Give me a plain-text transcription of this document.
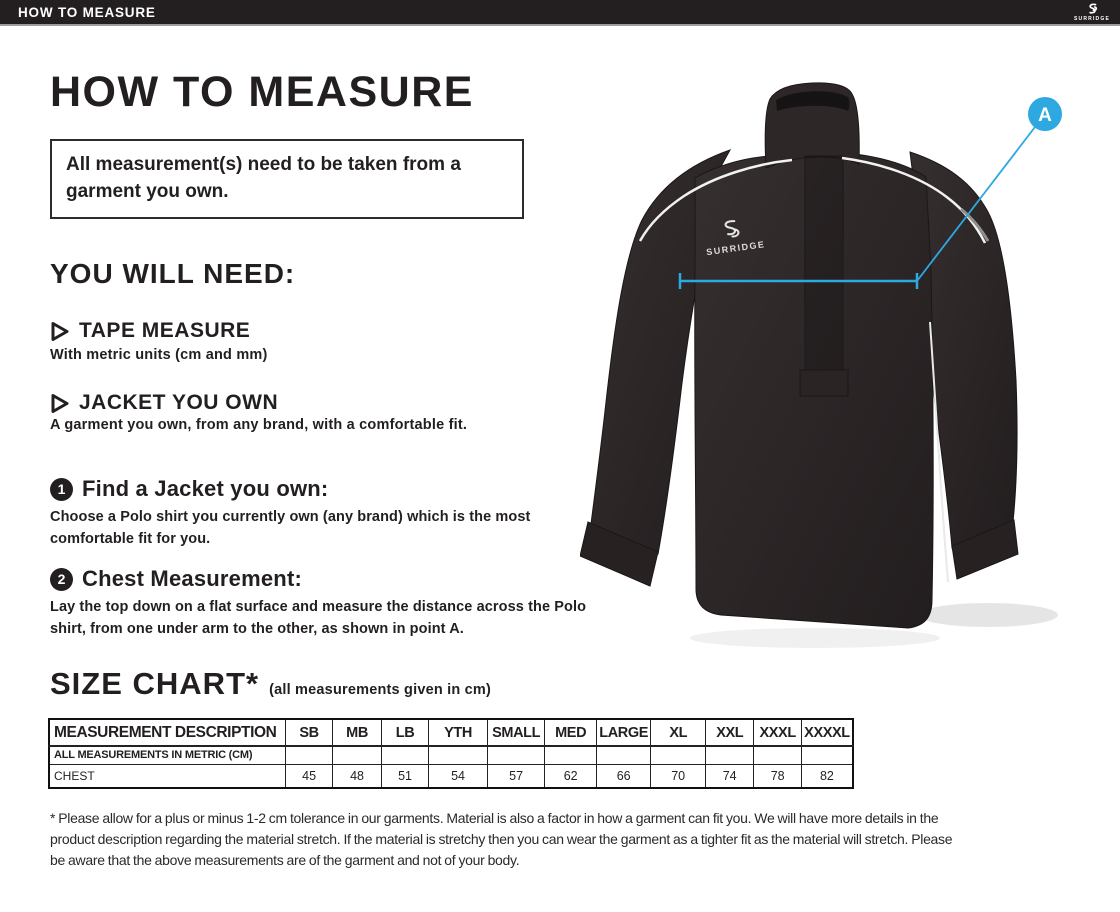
HOW TO MEASURE	SURRIDGE
HOW TO MEASURE
All measurement(s) need to be taken from a garment you own.
YOU WILL NEED:
TAPE MEASURE
With metric units (cm and mm)
JACKET YOU OWN
A garment you own, from any brand, with a comfortable fit.
1 Find a Jacket you own:
Choose a Polo shirt you currently own (any brand) which is the most comfortable fit for you.
2 Chest Measurement:
Lay the top down on a flat surface and measure the distance across the Polo shirt, from one under arm to the other, as shown in point A.
SIZE CHART* (all measurements given in cm)
MEASUREMENT DESCRIPTION	SB	MB	LB	YTH	SMALL	MED	LARGE	XL	XXL	XXXL	XXXXL
ALL MEASUREMENTS IN METRIC (CM)											
CHEST	45	48	51	54	57	62	66	70	74	78	82
* Please allow for a plus or minus 1-2 cm tolerance in our garments. Material is also a factor in how a garment can fit you. We will have more details in the product description regarding the material stretch. If the material is stretchy then you can wear the garment as a tighter fit as the material will stretch. Please be aware that the above measurements are of the garment and not of your body.
SURRIDGE
A
